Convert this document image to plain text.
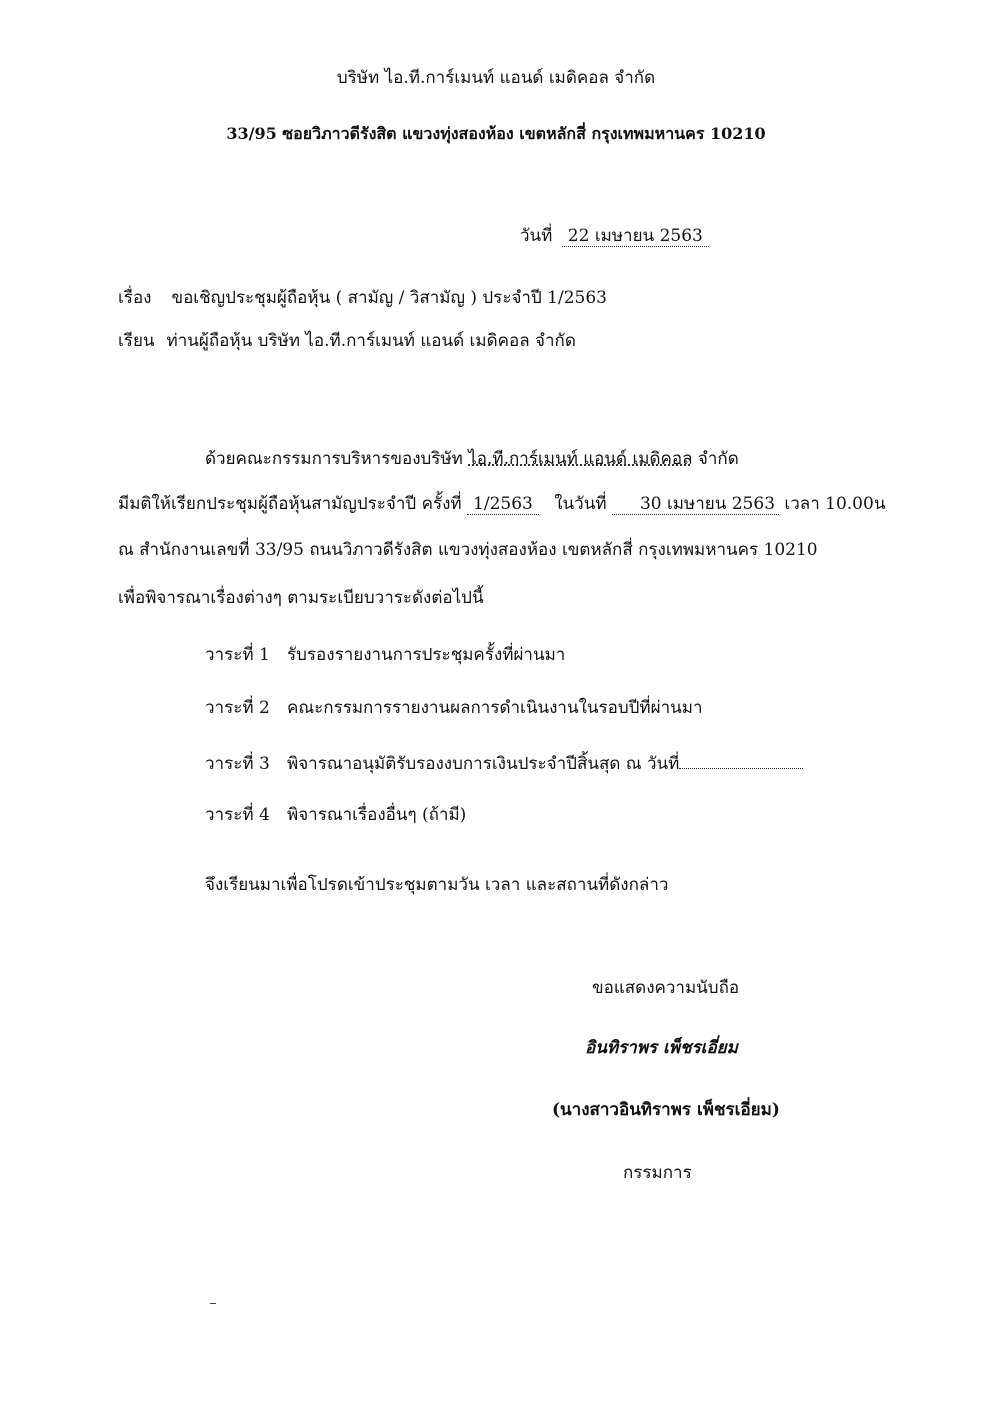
บริษัท ไอ.ที.การ์เมนท์ แอนด์ เมดิคอล จำกัด
33/95 ซอยวิภาวดีรังสิต แขวงทุ่งสองห้อง เขตหลักสี่ กรุงเทพมหานคร 10210
วันที่ 22 เมษายน 2563
เรื่อง ขอเชิญประชุมผู้ถือหุ้น ( สามัญ / วิสามัญ ) ประจำปี 1/2563
เรียน ท่านผู้ถือหุ้น บริษัท ไอ.ที.การ์เมนท์ แอนด์ เมดิคอล จำกัด
ด้วยคณะกรรมการบริหารของบริษัท ไอ.ที.การ์เมนท์ แอนด์ เมดิคอล จำกัด
มีมติให้เรียกประชุมผู้ถือหุ้นสามัญประจำปี ครั้งที่ 1/2563 ในวันที่ 30 เมษายน 2563 เวลา 10.00น
ณ สำนักงานเลขที่ 33/95 ถนนวิภาวดีรังสิต แขวงทุ่งสองห้อง เขตหลักสี่ กรุงเทพมหานคร 10210
เพื่อพิจารณาเรื่องต่างๆ ตามระเบียบวาระดังต่อไปนี้
วาระที่ 1 รับรองรายงานการประชุมครั้งที่ผ่านมา
วาระที่ 2 คณะกรรมการรายงานผลการดำเนินงานในรอบปีที่ผ่านมา
วาระที่ 3 พิจารณาอนุมัติรับรองงบการเงินประจำปีสิ้นสุด ณ วันที่
วาระที่ 4 พิจารณาเรื่องอื่นๆ (ถ้ามี)
จึงเรียนมาเพื่อโปรดเข้าประชุมตามวัน เวลา และสถานที่ดังกล่าว
ขอแสดงความนับถือ
อินทิราพร เพ็ชรเอี่ยม
(นางสาวอินทิราพร เพ็ชรเอี่ยม)
กรรมการ
